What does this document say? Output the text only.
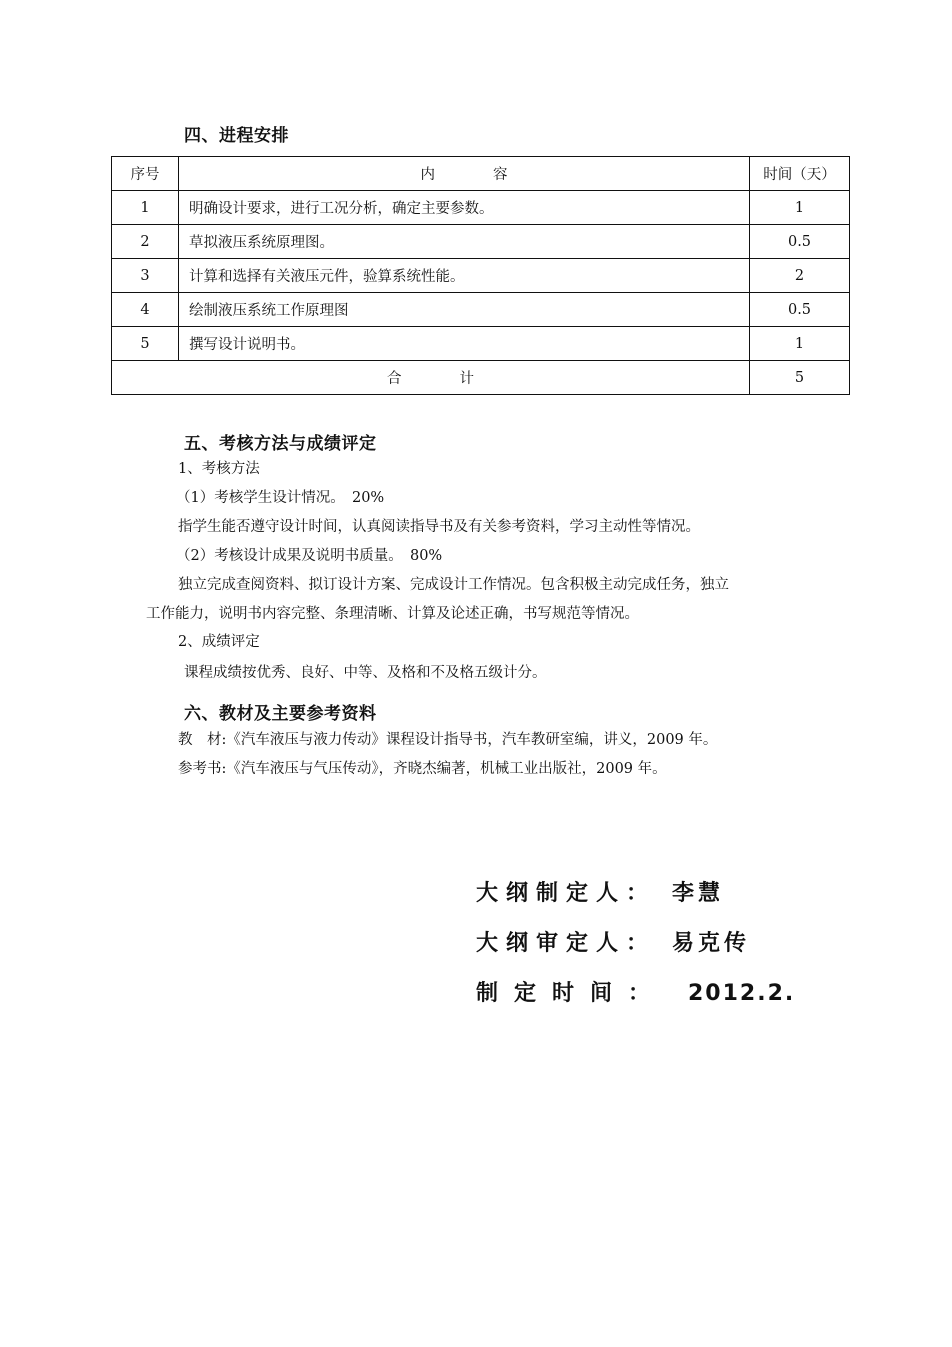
四、进程安排
序号	内　　　　容	时间（天）
1	明确设计要求，进行工况分析，确定主要参数。	1
2	草拟液压系统原理图。	0.5
3	计算和选择有关液压元件，验算系统性能。	2
4	绘制液压系统工作原理图	0.5
5	撰写设计说明书。	1
合　　　　计		5
五、考核方法与成绩评定
1、考核方法
（1）考核学生设计情况。　20%
指学生能否遵守设计时间，认真阅读指导书及有关参考资料，学习主动性等情况。
（2）考核设计成果及说明书质量。　80%
独立完成查阅资料、拟订设计方案、完成设计工作情况。包含积极主动完成任务，独立
工作能力，说明书内容完整、条理清晰、计算及论述正确，书写规范等情况。
2、成绩评定
课程成绩按优秀、良好、中等、及格和不及格五级计分。
六、教材及主要参考资料
教　材:《汽车液压与液力传动》课程设计指导书，汽车教研室编，讲义，2009 年。
参考书:《汽车液压与气压传动》，齐晓杰编著，机械工业出版社，2009 年。
大纲制定人： 李慧
大纲审定人： 易克传
制定时间： 2012.2.
